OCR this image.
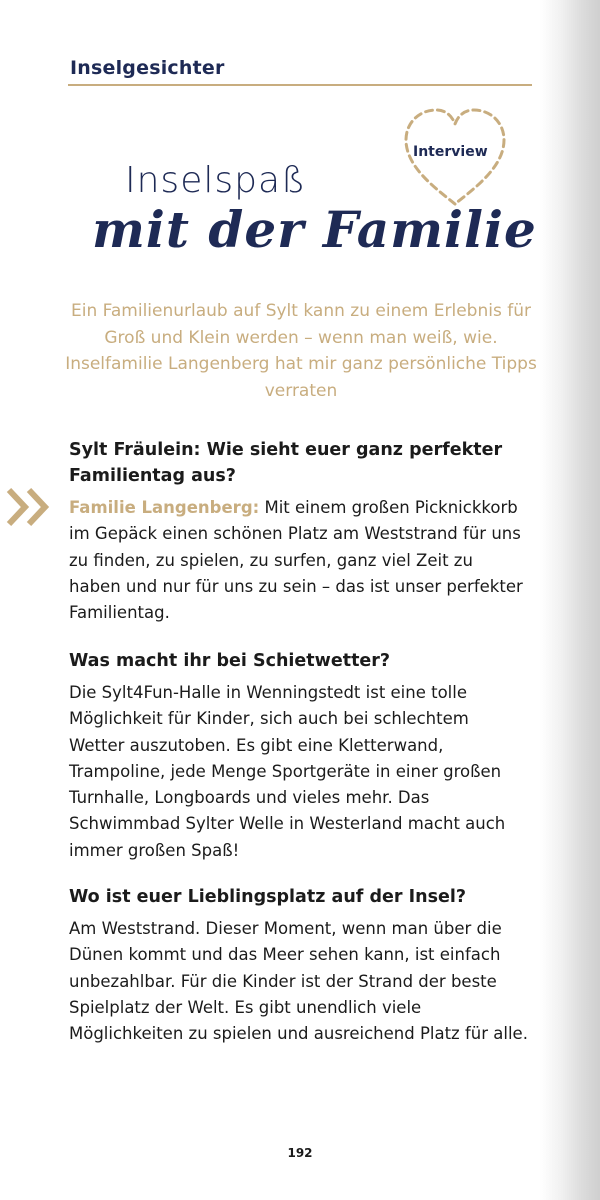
Inselgesichter
Interview
Inselspaß
mit der Familie
Ein Familienurlaub auf Sylt kann zu einem Erlebnis für Groß und Klein werden – wenn man weiß, wie. Inselfamilie Langenberg hat mir ganz persönliche Tipps verraten
Sylt Fräulein: Wie sieht euer ganz perfekter Familientag aus?
Familie Langenberg: Mit einem großen Picknickkorb im Gepäck einen schönen Platz am Weststrand für uns zu finden, zu spielen, zu surfen, ganz viel Zeit zu haben und nur für uns zu sein – das ist unser perfekter Familientag.
Was macht ihr bei Schietwetter?
Die Sylt4Fun-Halle in Wenningstedt ist eine tolle Möglichkeit für Kinder, sich auch bei schlechtem Wetter auszutoben. Es gibt eine Kletterwand, Trampoline, jede Menge Sportgeräte in einer großen Turnhalle, Longboards und vieles mehr. Das Schwimmbad Sylter Welle in Westerland macht auch immer großen Spaß!
Wo ist euer Lieblingsplatz auf der Insel?
Am Weststrand. Dieser Moment, wenn man über die Dünen kommt und das Meer sehen kann, ist einfach unbezahlbar. Für die Kinder ist der Strand der beste Spielplatz der Welt. Es gibt unendlich viele Möglichkeiten zu spielen und ausreichend Platz für alle.
192
